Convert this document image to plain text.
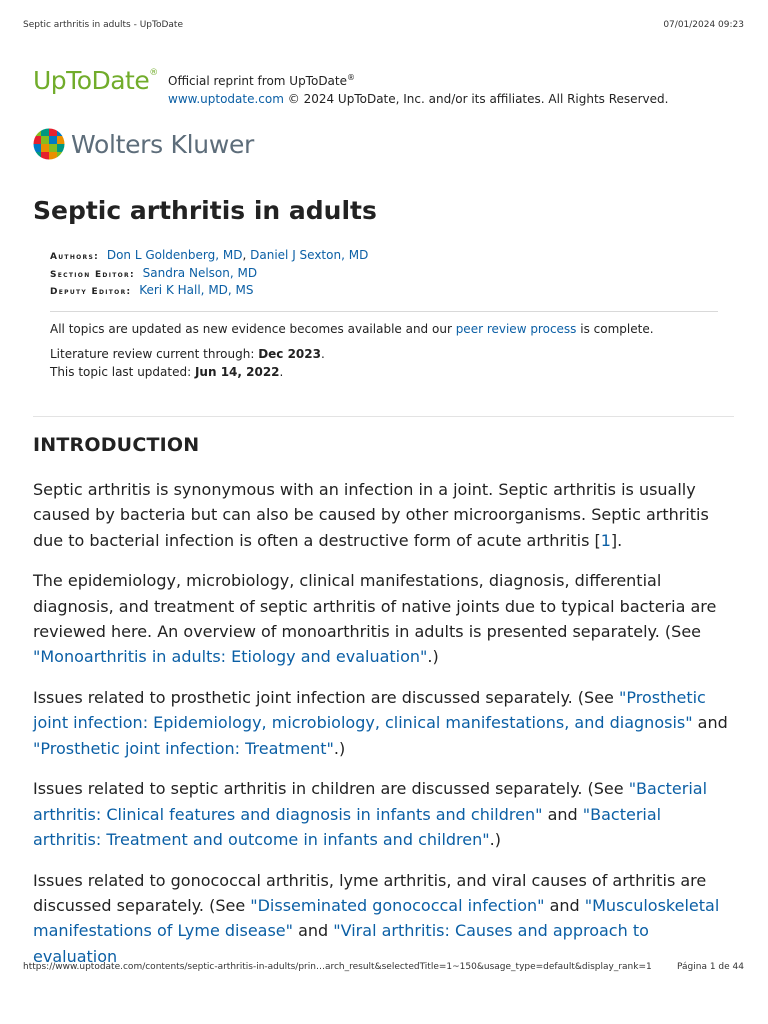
Septic arthritis in adults - UpToDate	07/01/2024 09:23
UpToDate®
Official reprint from UpToDate®
www.uptodate.com © 2024 UpToDate, Inc. and/or its affiliates. All Rights Reserved.
Wolters Kluwer
Septic arthritis in adults
Authors: Don L Goldenberg, MD, Daniel J Sexton, MD
Section Editor: Sandra Nelson, MD
Deputy Editor: Keri K Hall, MD, MS

All topics are updated as new evidence becomes available and our peer review process is complete.

Literature review current through: Dec 2023.

This topic last updated: Jun 14, 2022.

INTRODUCTION

Septic arthritis is synonymous with an infection in a joint. Septic arthritis is usually caused by bacteria but can also be caused by other microorganisms. Septic arthritis due to bacterial infection is often a destructive form of acute arthritis [1].

The epidemiology, microbiology, clinical manifestations, diagnosis, differential diagnosis, and treatment of septic arthritis of native joints due to typical bacteria are reviewed here. An overview of monoarthritis in adults is presented separately. (See "Monoarthritis in adults: Etiology and evaluation".)

Issues related to prosthetic joint infection are discussed separately. (See "Prosthetic joint infection: Epidemiology, microbiology, clinical manifestations, and diagnosis" and "Prosthetic joint infection: Treatment".)

Issues related to septic arthritis in children are discussed separately. (See "Bacterial arthritis: Clinical features and diagnosis in infants and children" and "Bacterial arthritis: Treatment and outcome in infants and children".)

Issues related to gonococcal arthritis, lyme arthritis, and viral causes of arthritis are discussed separately. (See "Disseminated gonococcal infection" and "Musculoskeletal manifestations of Lyme disease" and "Viral arthritis: Causes and approach to evaluation

https://www.uptodate.com/contents/septic-arthritis-in-adults/prin…arch_result&selectedTitle=1~150&usage_type=default&display_rank=1	Página 1 de 44
